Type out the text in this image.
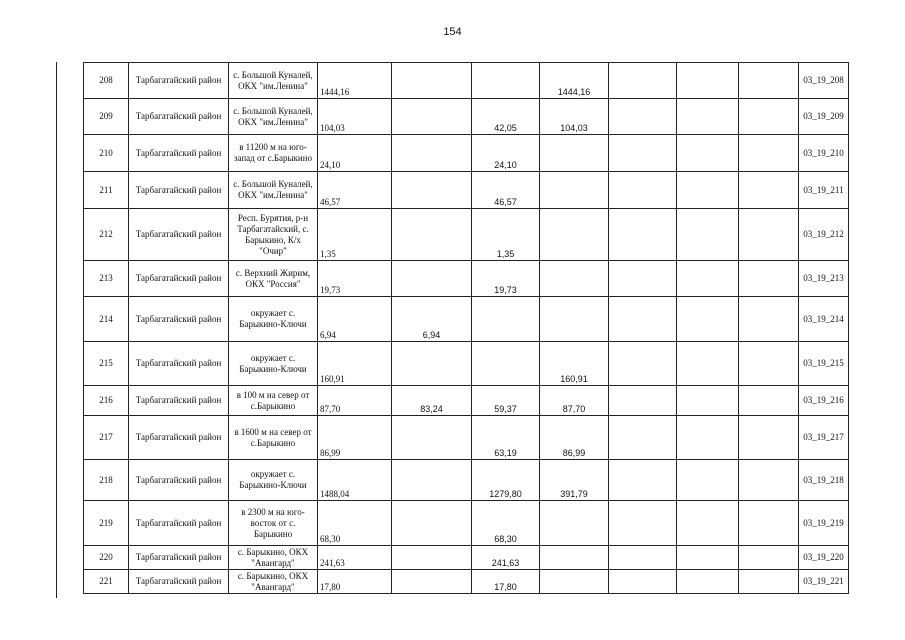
154
208	Тарбагатайский район	с. Большой Куналей, ОКХ "им.Ленина"	1444,16			1444,16				03_19_208
209	Тарбагатайский район	с. Большой Куналей, ОКХ "им.Ленина"	104,03		42,05	104,03				03_19_209
210	Тарбагатайский район	в 11200 м на юго-запад от с.Барыкино	24,10		24,10					03_19_210
211	Тарбагатайский район	с. Большой Куналей, ОКХ "им.Ленина"	46,57		46,57					03_19_211
212	Тарбагатайский район	Респ. Бурятия, р-н Тарбагатайский, с. Барыкино, К/х "Очир"	1,35		1,35					03_19_212
213	Тарбагатайский район	с. Верхний Жирим, ОКХ "Россия"	19,73		19,73					03_19_213
214	Тарбагатайский район	окружает с. Барыкино-Ключи	6,94	6,94						03_19_214
215	Тарбагатайский район	окружает с. Барыкино-Ключи	160,91			160,91				03_19_215
216	Тарбагатайский район	в 100 м на север от с.Барыкино	87,70	83,24	59,37	87,70				03_19_216
217	Тарбагатайский район	в 1600 м на север от с.Барыкино	86,99		63,19	86,99				03_19_217
218	Тарбагатайский район	окружает с. Барыкино-Ключи	1488,04		1279,80	391,79				03_19_218
219	Тарбагатайский район	в 2300 м на юго-восток от с. Барыкино	68,30		68,30					03_19_219
220	Тарбагатайский район	с. Барыкино, ОКХ "Авангард"	241,63		241,63					03_19_220
221	Тарбагатайский район	с. Барыкино, ОКХ "Авангард"	17,80		17,80					03_19_221
